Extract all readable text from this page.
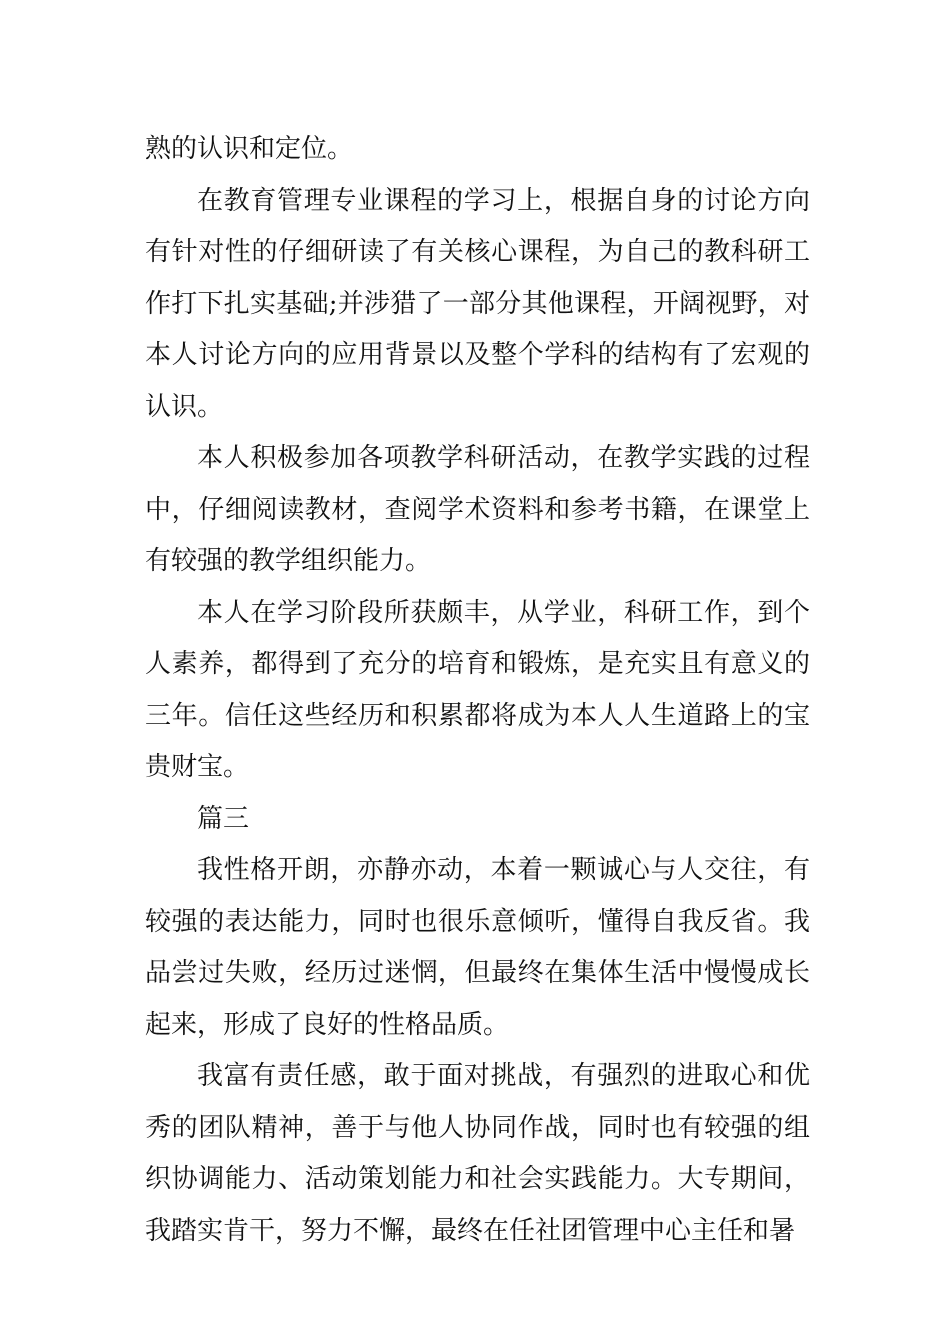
熟的认识和定位。

在教育管理专业课程的学习上，根据自身的讨论方向有针对性的仔细研读了有关核心课程，为自己的教科研工作打下扎实基础;并涉猎了一部分其他课程，开阔视野，对本人讨论方向的应用背景以及整个学科的结构有了宏观的认识。

本人积极参加各项教学科研活动，在教学实践的过程中，仔细阅读教材，查阅学术资料和参考书籍，在课堂上有较强的教学组织能力。

本人在学习阶段所获颇丰，从学业，科研工作，到个人素养，都得到了充分的培育和锻炼，是充实且有意义的三年。信任这些经历和积累都将成为本人人生道路上的宝贵财宝。

篇三

我性格开朗，亦静亦动，本着一颗诚心与人交往，有较强的表达能力，同时也很乐意倾听，懂得自我反省。我品尝过失败，经历过迷惘，但最终在集体生活中慢慢成长起来，形成了良好的性格品质。

我富有责任感，敢于面对挑战，有强烈的进取心和优秀的团队精神，善于与他人协同作战，同时也有较强的组织协调能力、活动策划能力和社会实践能力。大专期间，我踏实肯干，努力不懈，最终在任社团管理中心主任和暑
